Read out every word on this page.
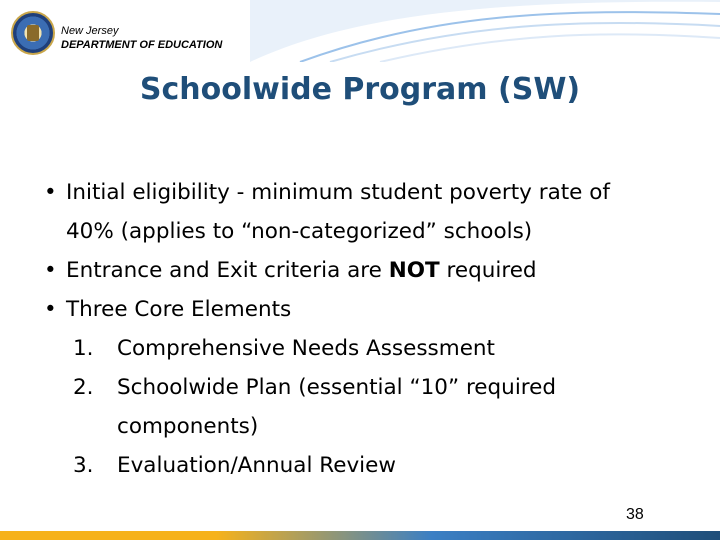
New Jersey
DEPARTMENT OF EDUCATION
Schoolwide Program (SW)
• Initial eligibility - minimum student poverty rate of
40% (applies to “non-categorized” schools)
• Entrance and Exit criteria are NOT required
• Three Core Elements
1. Comprehensive Needs Assessment
2. Schoolwide Plan (essential “10” required
components)
3. Evaluation/Annual Review
38
